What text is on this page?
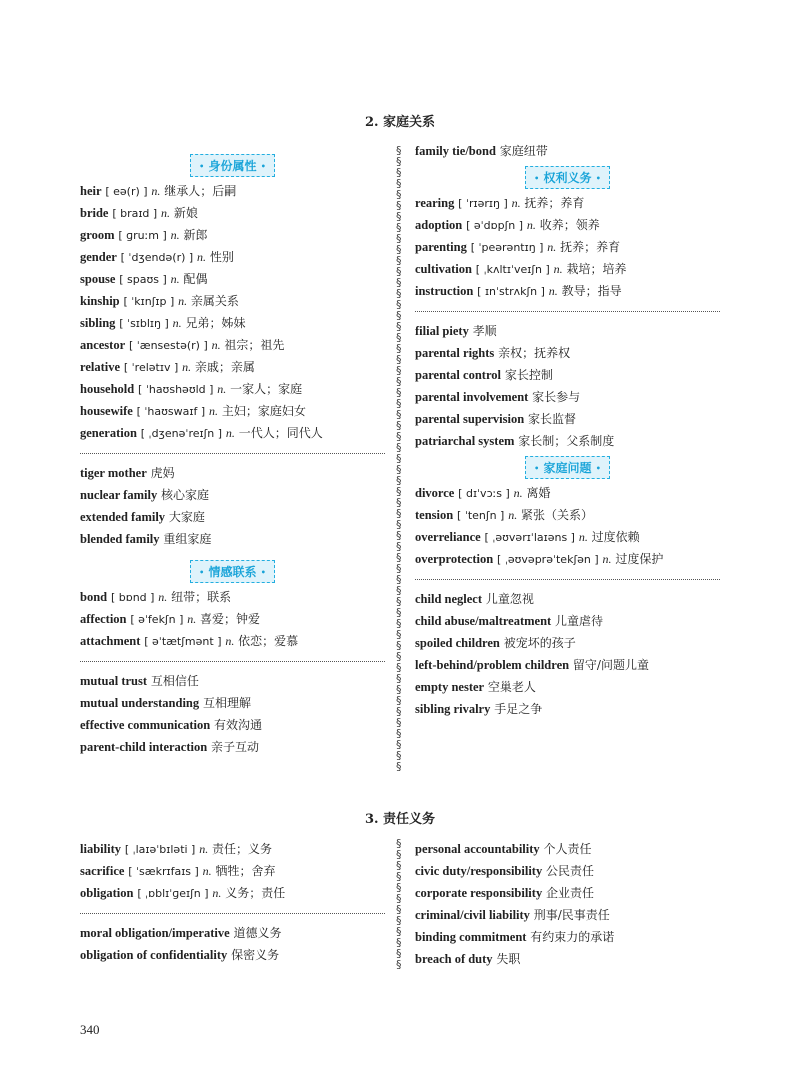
2. 家庭关系
• 身份属性 •
heir [ eə(r) ] n. 继承人；后嗣
bride [ braɪd ] n. 新娘
groom [ ɡruːm ] n. 新郎
gender [ ˈdʒendə(r) ] n. 性别
spouse [ spaʊs ] n. 配偶
kinship [ ˈkɪnʃɪp ] n. 亲属关系
sibling [ ˈsɪblɪŋ ] n. 兄弟；姊妹
ancestor [ ˈænsestə(r) ] n. 祖宗；祖先
relative [ ˈrelətɪv ] n. 亲戚；亲属
household [ ˈhaʊshəʊld ] n. 一家人；家庭
housewife [ ˈhaʊswaɪf ] n. 主妇；家庭妇女
generation [ ˌdʒenəˈreɪʃn ] n. 一代人；同代人
tiger mother 虎妈
nuclear family 核心家庭
extended family 大家庭
blended family 重组家庭
• 情感联系 •
bond [ bɒnd ] n. 纽带；联系
affection [ əˈfekʃn ] n. 喜爱；钟爱
attachment [ əˈtætʃmənt ] n. 依恋；爱慕
mutual trust 互相信任
mutual understanding 互相理解
effective communication 有效沟通
parent-child interaction 亲子互动
§
§
§
§
§
§
§
§
§
§
§
§
§
§
§
§
§
§
§
§
§
§
§
§
§
§
§
§
§
§
§
§
§
§
§
§
§
§
§
§
§
§
§
§
§
§
§
§
§
§
§
§
§
§
§
§
§
family tie/bond 家庭纽带
• 权利义务 •
rearing [ ˈrɪərɪŋ ] n. 抚养；养育
adoption [ əˈdɒpʃn ] n. 收养；领养
parenting [ ˈpeərəntɪŋ ] n. 抚养；养育
cultivation [ ˌkʌltɪˈveɪʃn ] n. 栽培；培养
instruction [ ɪnˈstrʌkʃn ] n. 教导；指导
filial piety 孝顺
parental rights 亲权；抚养权
parental control 家长控制
parental involvement 家长参与
parental supervision 家长监督
patriarchal system 家长制；父系制度
• 家庭问题 •
divorce [ dɪˈvɔːs ] n. 离婚
tension [ ˈtenʃn ] n. 紧张（关系）
overreliance [ ˌəʊvərɪˈlaɪəns ] n. 过度依赖
overprotection [ ˌəʊvəprəˈtekʃən ] n. 过度保护
child neglect 儿童忽视
child abuse/maltreatment 儿童虐待
spoiled children 被宠坏的孩子
left-behind/problem children 留守/问题儿童
empty nester 空巢老人
sibling rivalry 手足之争
3. 责任义务
liability [ ˌlaɪəˈbɪləti ] n. 责任；义务
sacrifice [ ˈsækrɪfaɪs ] n. 牺牲；舍弃
obligation [ ˌɒblɪˈɡeɪʃn ] n. 义务；责任
moral obligation/imperative 道德义务
obligation of confidentiality 保密义务
§
§
§
§
§
§
§
§
§
§
§
§
personal accountability 个人责任
civic duty/responsibility 公民责任
corporate responsibility 企业责任
criminal/civil liability 刑事/民事责任
binding commitment 有约束力的承诺
breach of duty 失职
340
